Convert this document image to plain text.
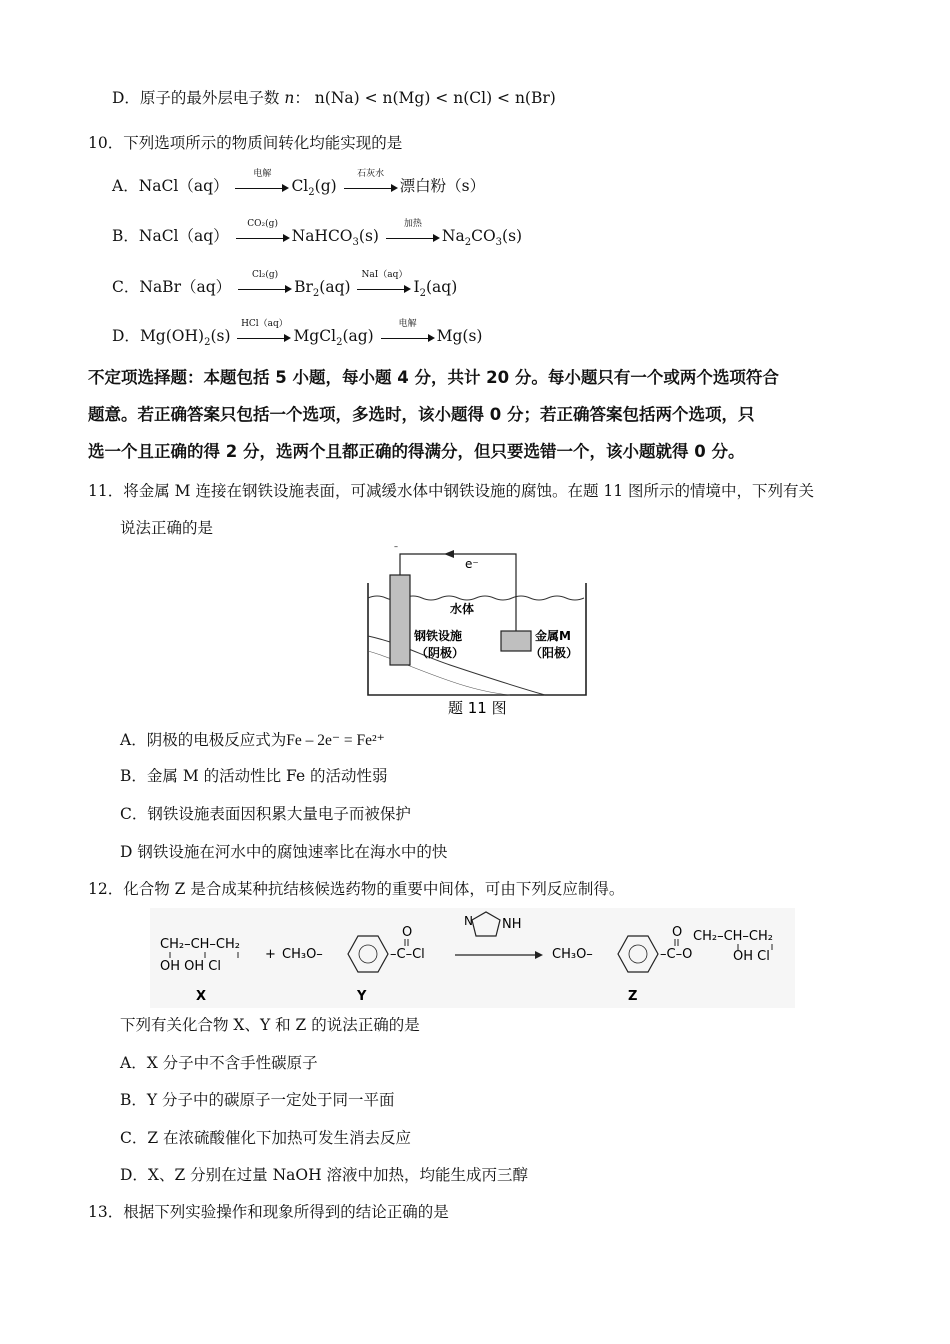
D．原子的最外层电子数 n： n(Na) < n(Mg) < n(Cl) < n(Br)
10．下列选项所示的物质间转化均能实现的是
A．NaCl（aq）
电解
$Cl_2(g)$
石灰水
漂白粉（s）
B．NaCl（aq）
CO₂(g)
NaHCO$_3$(s)
加热
$Na_2CO_3(s)$
C．NaBr（aq）
Cl₂(g)
$Br_2(aq)$
NaI（aq）
$I_2(aq)$
D．$Mg(OH)_2(s)$
HCl（aq）
MgCl$_2$(ag)
电解
Mg(s)
不定项选择题：本题包括 5 小题，每小题 4 分，共计 20 分。每小题只有一个或两个选项符合
题意。若正确答案只包括一个选项，多选时，该小题得 0 分；若正确答案包括两个选项，只
选一个且正确的得 2 分，选两个且都正确的得满分，但只要选错一个，该小题就得 0 分。
11．将金属 M 连接在钢铁设施表面，可减缓水体中钢铁设施的腐蚀。在题 11 图所示的情境中，下列有关
说法正确的是
e⁻
–
水体
钢铁设施
（阴极）
金属M
（阳极）
题 11 图
A．阴极的电极反应式为Fe – 2e⁻ = Fe²⁺
B．金属 M 的活动性比 Fe 的活动性弱
C．钢铁设施表面因积累大量电子而被保护
D 钢铁设施在河水中的腐蚀速率比在海水中的快
12．化合物 Z 是合成某种抗结核候选药物的重要中间体，可由下列反应制得。
CH₂–CH–CH₂
OH OH Cl
X
+ CH₃O–	–C–Cl
O
Y
NH
N
CH₃O–	–C–O
O CH₂–CH–CH₂
OH Cl
Z
下列有关化合物 X、Y 和 Z 的说法正确的是
A．X 分子中不含手性碳原子
B．Y 分子中的碳原子一定处于同一平面
C．Z 在浓硫酸催化下加热可发生消去反应
D．X、Z 分别在过量 NaOH 溶液中加热，均能生成丙三醇
13．根据下列实验操作和现象所得到的结论正确的是
